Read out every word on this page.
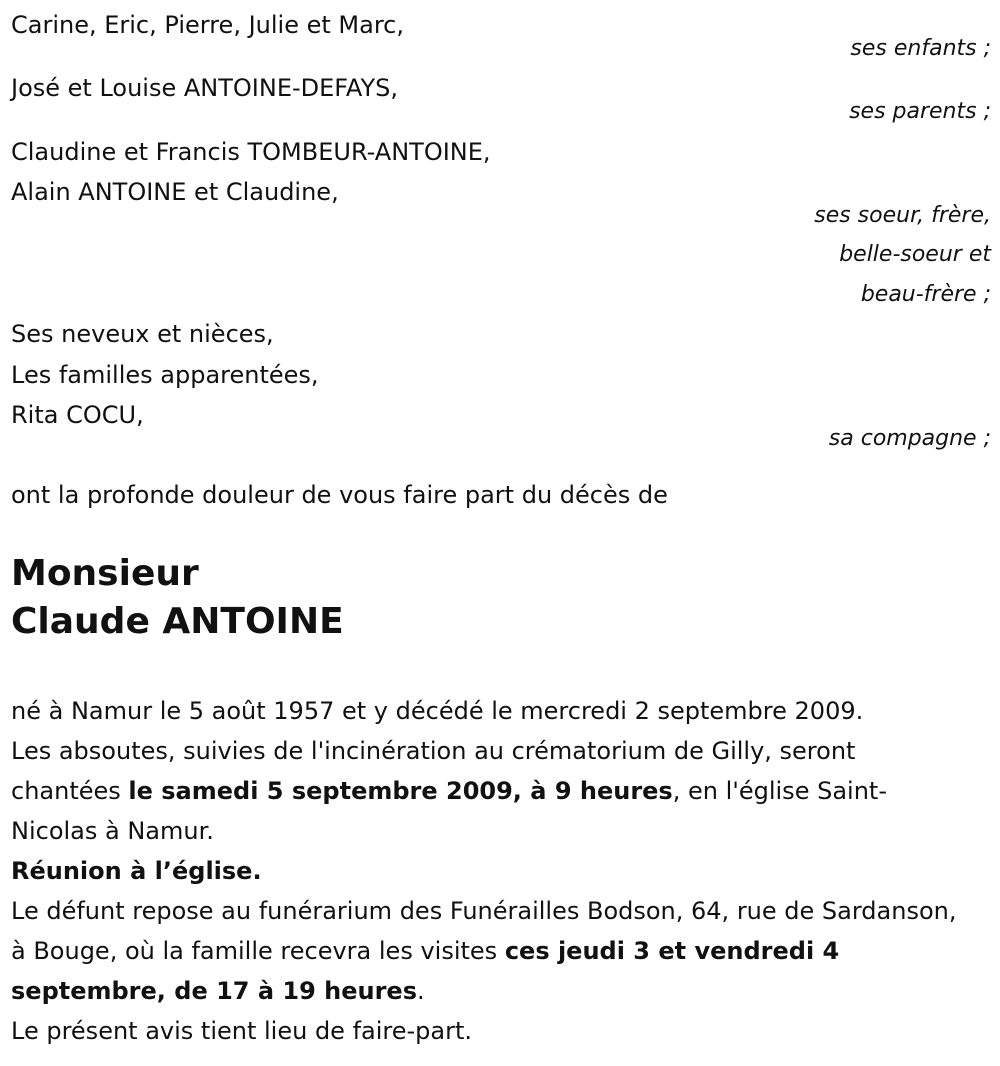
Carine, Eric, Pierre, Julie et Marc,
ses enfants ;
José et Louise ANTOINE-DEFAYS,
ses parents ;
Claudine et Francis TOMBEUR-ANTOINE,
Alain ANTOINE et Claudine,
ses soeur, frère,
belle-soeur et
beau-frère ;
Ses neveux et nièces,
Les familles apparentées,
Rita COCU,
sa compagne ;
ont la profonde douleur de vous faire part du décès de
Monsieur
Claude ANTOINE
né à Namur le 5 août 1957 et y décédé le mercredi 2 septembre 2009.
Les absoutes, suivies de l'incinération au crématorium de Gilly, seront chantées le samedi 5 septembre 2009, à 9 heures, en l'église Saint-Nicolas à Namur.
Réunion à l’église.
Le défunt repose au funérarium des Funérailles Bodson, 64, rue de Sardanson, à Bouge, où la famille recevra les visites ces jeudi 3 et vendredi 4 septembre, de 17 à 19 heures.
Le présent avis tient lieu de faire-part.
